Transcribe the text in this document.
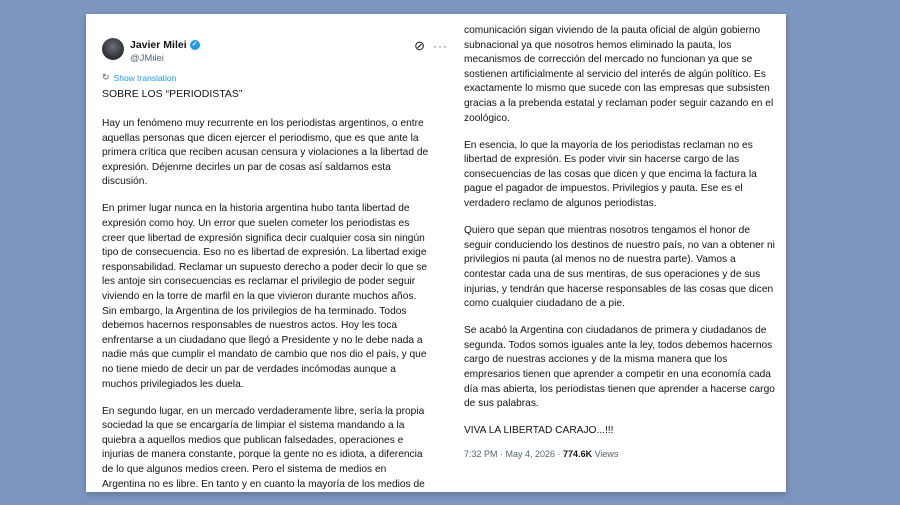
Javier Milei ✓
@JMilei
⊘ ···
↻ Show translation
SOBRE LOS “PERIODISTAS”

Hay un fenómeno muy recurrente en los periodistas argentinos, o entre aquellas personas que dicen ejercer el periodismo, que es que ante la primera crítica que reciben acusan censura y violaciones a la libertad de expresión. Déjenme decirles un par de cosas así saldamos esta discusión.

En primer lugar nunca en la historia argentina hubo tanta libertad de expresión como hoy. Un error que suelen cometer los periodistas es creer que libertad de expresión significa decir cualquier cosa sin ningún tipo de consecuencia. Eso no es libertad de expresión. La libertad exige responsabilidad. Reclamar un supuesto derecho a poder decir lo que se les antoje sin consecuencias es reclamar el privilegio de poder seguir viviendo en la torre de marfil en la que vivieron durante muchos años. Sin embargo, la Argentina de los privilegios de ha terminado. Todos debemos hacernos responsables de nuestros actos. Hoy les toca enfrentarse a un ciudadano que llegó a Presidente y no le debe nada a nadie más que cumplir el mandato de cambio que nos dio el país, y que no tiene miedo de decir un par de verdades incómodas aunque a muchos privilegiados les duela.

En segundo lugar, en un mercado verdaderamente libre, sería la propia sociedad la que se encargaría de limpiar el sistema mandando a la quiebra a aquellos medios que publican falsedades, operaciones e injurias de manera constante, porque la gente no es idiota, a diferencia de lo que algunos medios creen. Pero el sistema de medios en Argentina no es libre. En tanto y en cuanto la mayoría de los medios de

comunicación sigan viviendo de la pauta oficial de algún gobierno subnacional ya que nosotros hemos eliminado la pauta, los mecanismos de corrección del mercado no funcionan ya que se sostienen artificialmente al servicio del interés de algún político. Es exactamente lo mismo que sucede con las empresas que subsisten gracias a la prebenda estatal y reclaman poder seguir cazando en el zoológico.

En esencia, lo que la mayoría de los periodistas reclaman no es libertad de expresión. Es poder vivir sin hacerse cargo de las consecuencias de las cosas que dicen y que encima la factura la pague el pagador de impuestos. Privilegios y pauta. Ese es el verdadero reclamo de algunos periodistas.

Quiero que sepan que mientras nosotros tengamos el honor de seguir conduciendo los destinos de nuestro país, no van a obtener ni privilegios ni pauta (al menos no de nuestra parte). Vamos a contestar cada una de sus mentiras, de sus operaciones y de sus injurias, y tendrán que hacerse responsables de las cosas que dicen como cualquier ciudadano de a pie.

Se acabó la Argentina con ciudadanos de primera y ciudadanos de segunda. Todos somos iguales ante la ley, todos debemos hacernos cargo de nuestras acciones y de la misma manera que los empresarios tienen que aprender a competir en una economía cada día mas abierta, los periodistas tienen que aprender a hacerse cargo de sus palabras.

VIVA LA LIBERTAD CARAJO...!!!

7:32 PM · May 4, 2026 · 774.6K Views
